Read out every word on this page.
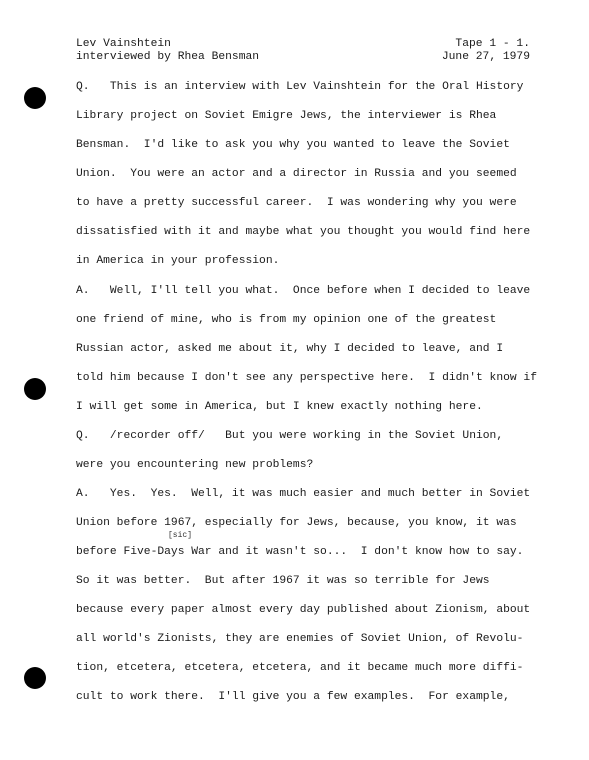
Lev Vainshtein	Tape 1 - 1.
interviewed by Rhea Bensman	June 27, 1979
Q.   This is an interview with Lev Vainshtein for the Oral History
Library project on Soviet Emigre Jews, the interviewer is Rhea
Bensman.  I'd like to ask you why you wanted to leave the Soviet
Union.  You were an actor and a director in Russia and you seemed
to have a pretty successful career.  I was wondering why you were
dissatisfied with it and maybe what you thought you would find here
in America in your profession.
A.   Well, I'll tell you what.  Once before when I decided to leave
one friend of mine, who is from my opinion one of the greatest
Russian actor, asked me about it, why I decided to leave, and I
told him because I don't see any perspective here.  I didn't know if
I will get some in America, but I knew exactly nothing here.
Q.   /recorder off/   But you were working in the Soviet Union,
were you encountering new problems?
A.   Yes.  Yes.  Well, it was much easier and much better in Soviet
Union before 1967, especially for Jews, because, you know, it was
[sic]
before Five-Days War and it wasn't so...  I don't know how to say.
So it was better.  But after 1967 it was so terrible for Jews
because every paper almost every day published about Zionism, about
all world's Zionists, they are enemies of Soviet Union, of Revolu-
tion, etcetera, etcetera, etcetera, and it became much more diffi-
cult to work there.  I'll give you a few examples.  For example,
